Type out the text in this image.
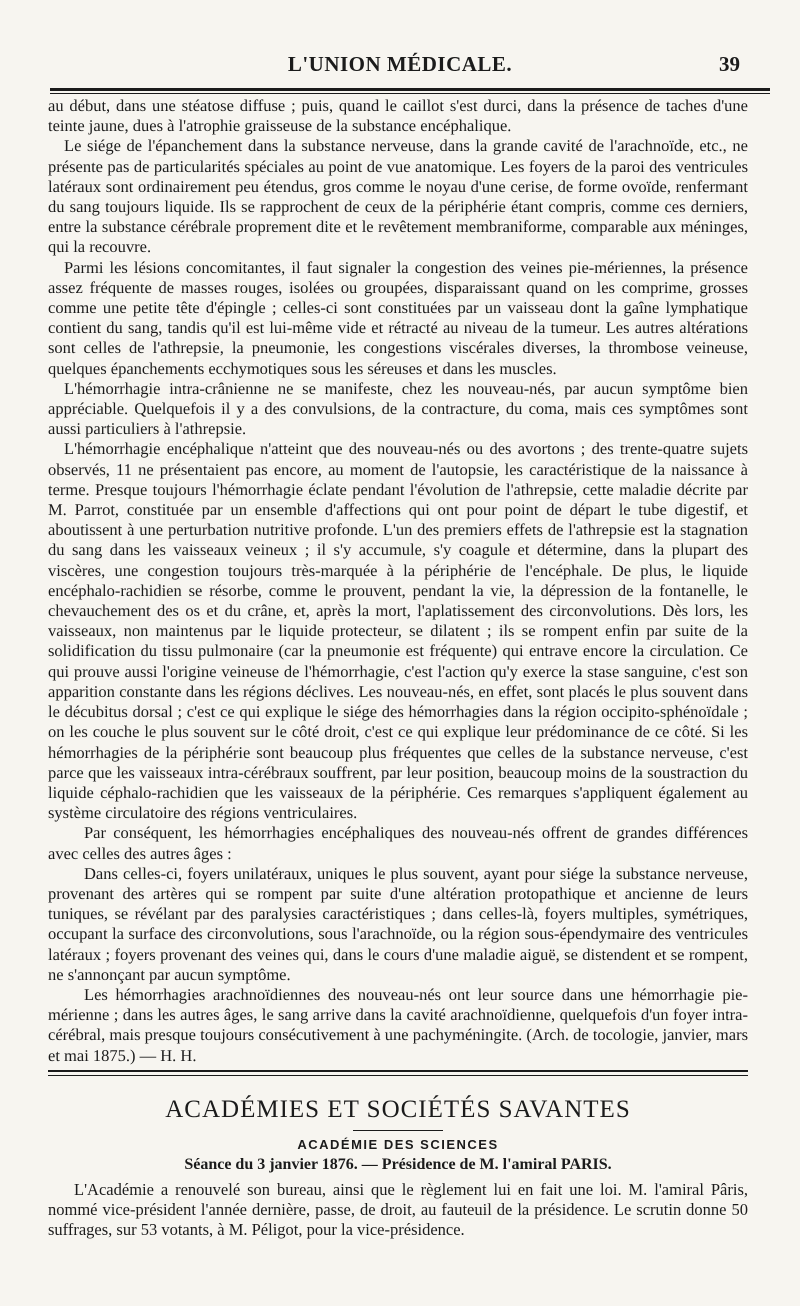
L'UNION MÉDICALE.	39

au début, dans une stéatose diffuse ; puis, quand le caillot s'est durci, dans la présence de taches d'une teinte jaune, dues à l'atrophie graisseuse de la substance encéphalique.

Le siége de l'épanchement dans la substance nerveuse, dans la grande cavité de l'arachnoïde, etc., ne présente pas de particularités spéciales au point de vue anatomique. Les foyers de la paroi des ventricules latéraux sont ordinairement peu étendus, gros comme le noyau d'une cerise, de forme ovoïde, renfermant du sang toujours liquide. Ils se rapprochent de ceux de la périphérie étant compris, comme ces derniers, entre la substance cérébrale proprement dite et le revêtement membraniforme, comparable aux méninges, qui la recouvre.

Parmi les lésions concomitantes, il faut signaler la congestion des veines pie-mériennes, la présence assez fréquente de masses rouges, isolées ou groupées, disparaissant quand on les comprime, grosses comme une petite tête d'épingle ; celles-ci sont constituées par un vaisseau dont la gaîne lymphatique contient du sang, tandis qu'il est lui-même vide et rétracté au niveau de la tumeur. Les autres altérations sont celles de l'athrepsie, la pneumonie, les congestions viscérales diverses, la thrombose veineuse, quelques épanchements ecchymotiques sous les séreuses et dans les muscles.

L'hémorrhagie intra-crânienne ne se manifeste, chez les nouveau-nés, par aucun symptôme bien appréciable. Quelquefois il y a des convulsions, de la contracture, du coma, mais ces symptômes sont aussi particuliers à l'athrepsie.

L'hémorrhagie encéphalique n'atteint que des nouveau-nés ou des avortons ; des trente-quatre sujets observés, 11 ne présentaient pas encore, au moment de l'autopsie, les caractéristique de la naissance à terme. Presque toujours l'hémorrhagie éclate pendant l'évolution de l'athrepsie, cette maladie décrite par M. Parrot, constituée par un ensemble d'affections qui ont pour point de départ le tube digestif, et aboutissent à une perturbation nutritive profonde. L'un des premiers effets de l'athrepsie est la stagnation du sang dans les vaisseaux veineux ; il s'y accumule, s'y coagule et détermine, dans la plupart des viscères, une congestion toujours très-marquée à la périphérie de l'encéphale. De plus, le liquide encéphalo-rachidien se résorbe, comme le prouvent, pendant la vie, la dépression de la fontanelle, le chevauchement des os et du crâne, et, après la mort, l'aplatissement des circonvolutions. Dès lors, les vaisseaux, non maintenus par le liquide protecteur, se dilatent ; ils se rompent enfin par suite de la solidification du tissu pulmonaire (car la pneumonie est fréquente) qui entrave encore la circulation. Ce qui prouve aussi l'origine veineuse de l'hémorrhagie, c'est l'action qu'y exerce la stase sanguine, c'est son apparition constante dans les régions déclives. Les nouveau-nés, en effet, sont placés le plus souvent dans le décubitus dorsal ; c'est ce qui explique le siége des hémorrhagies dans la région occipito-sphénoïdale ; on les couche le plus souvent sur le côté droit, c'est ce qui explique leur prédominance de ce côté. Si les hémorrhagies de la périphérie sont beaucoup plus fréquentes que celles de la substance nerveuse, c'est parce que les vaisseaux intra-cérébraux souffrent, par leur position, beaucoup moins de la soustraction du liquide céphalo-rachidien que les vaisseaux de la périphérie. Ces remarques s'appliquent également au système circulatoire des régions ventriculaires.

Par conséquent, les hémorrhagies encéphaliques des nouveau-nés offrent de grandes différences avec celles des autres âges :

Dans celles-ci, foyers unilatéraux, uniques le plus souvent, ayant pour siége la substance nerveuse, provenant des artères qui se rompent par suite d'une altération protopathique et ancienne de leurs tuniques, se révélant par des paralysies caractéristiques ; dans celles-là, foyers multiples, symétriques, occupant la surface des circonvolutions, sous l'arachnoïde, ou la région sous-épendymaire des ventricules latéraux ; foyers provenant des veines qui, dans le cours d'une maladie aiguë, se distendent et se rompent, ne s'annonçant par aucun symptôme.

Les hémorrhagies arachnoïdiennes des nouveau-nés ont leur source dans une hémorrhagie pie-mérienne ; dans les autres âges, le sang arrive dans la cavité arachnoïdienne, quelquefois d'un foyer intra-cérébral, mais presque toujours consécutivement à une pachyméningite. (Arch. de tocologie, janvier, mars et mai 1875.) — H. H.

ACADÉMIES ET SOCIÉTÉS SAVANTES
ACADÉMIE DES SCIENCES
Séance du 3 janvier 1876. — Présidence de M. l'amiral PARIS.

L'Académie a renouvelé son bureau, ainsi que le règlement lui en fait une loi. M. l'amiral Pâris, nommé vice-président l'année dernière, passe, de droit, au fauteuil de la présidence. Le scrutin donne 50 suffrages, sur 53 votants, à M. Péligot, pour la vice-présidence.
